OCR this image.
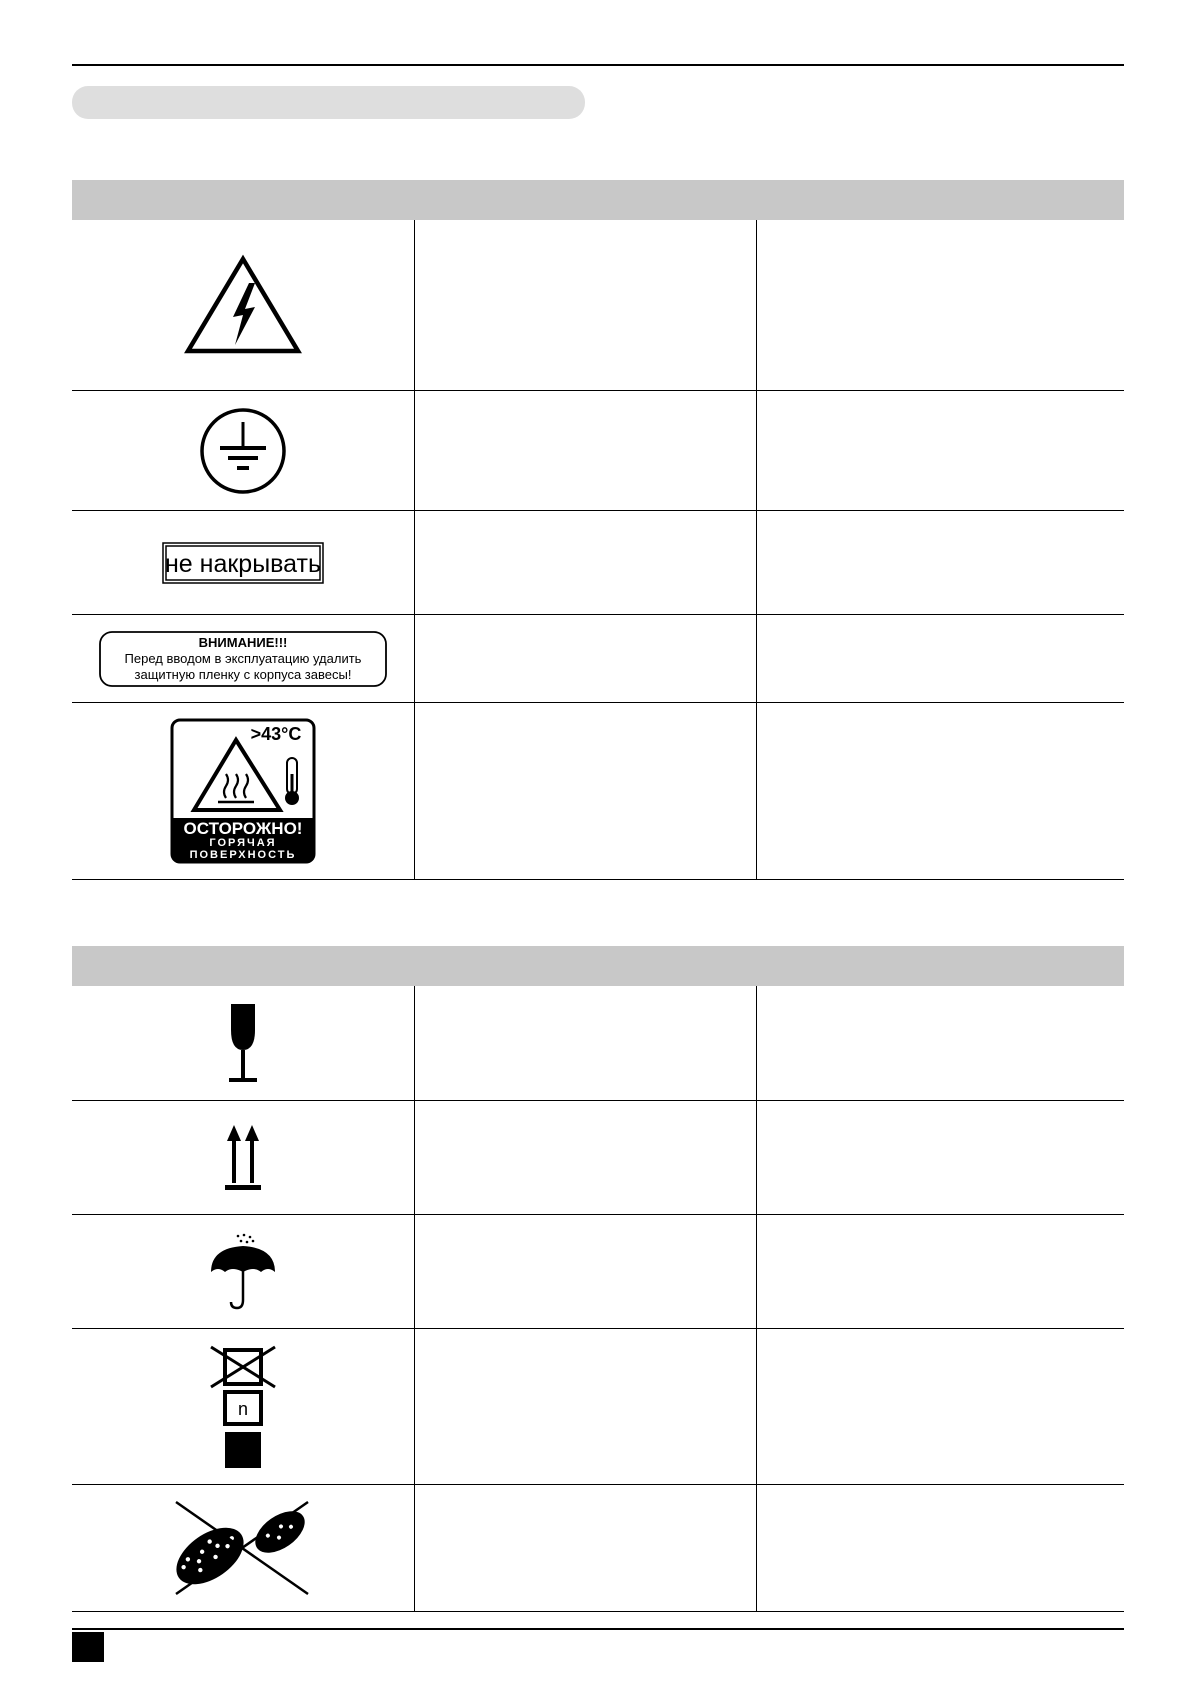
не накрывать
ВНИМАНИЕ!!!
Перед вводом в эксплуатацию удалить
защитную пленку с корпуса завесы!
>43°C
ОСТОРОЖНО!
ГОРЯЧАЯ
ПОВЕРХНОСТЬ
n
